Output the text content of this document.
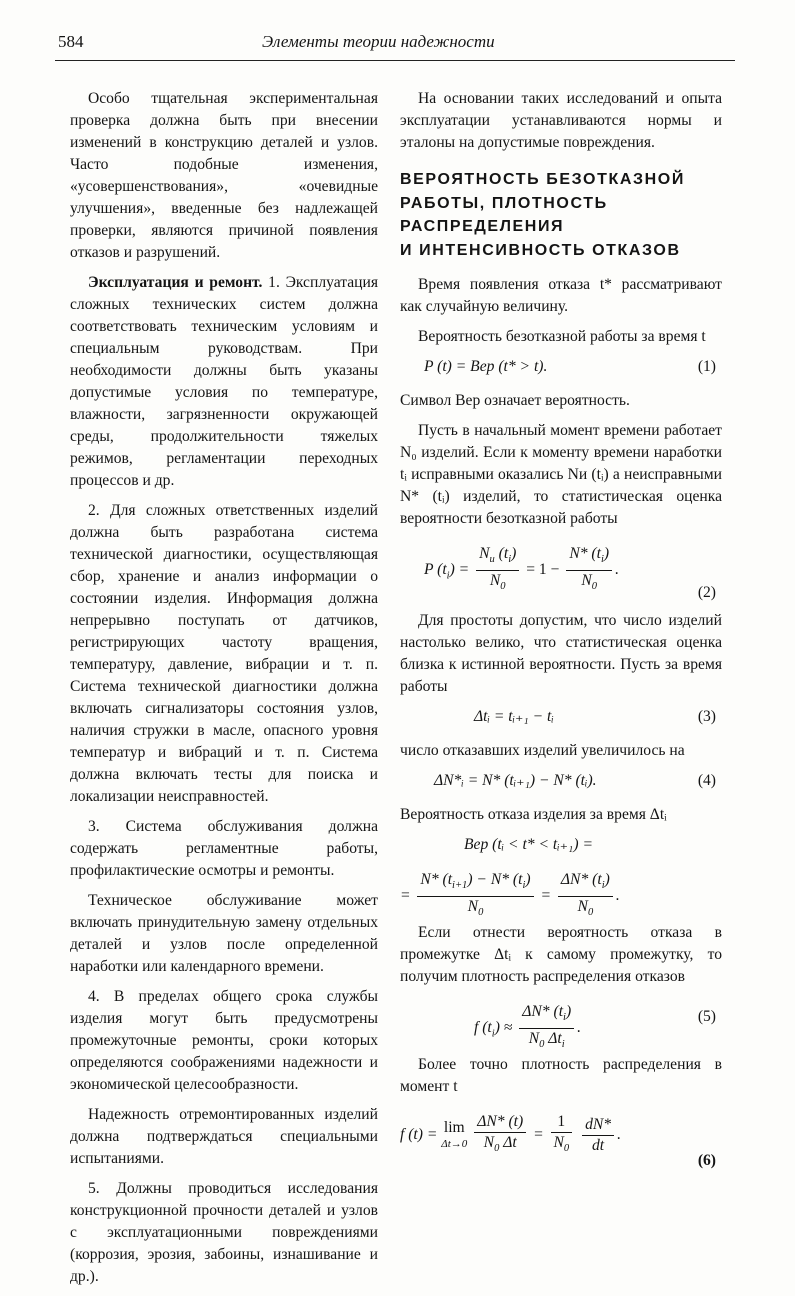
584	Элементы теории надежности

Особо тщательная экспериментальная проверка должна быть при внесении изменений в конструкцию деталей и узлов. Часто подобные изменения, «усовершенствования», «очевидные улучшения», введенные без надлежащей проверки, являются причиной появления отказов и разрушений.

Эксплуатация и ремонт. 1. Эксплуатация сложных технических систем должна соответствовать техническим условиям и специальным руководствам. При необходимости должны быть указаны допустимые условия по температуре, влажности, загрязненности окружающей среды, продолжительности тяжелых режимов, регламентации переходных процессов и др.

2. Для сложных ответственных изделий должна быть разработана система технической диагностики, осуществляющая сбор, хранение и анализ информации о состоянии изделия. Информация должна непрерывно поступать от датчиков, регистрирующих частоту вращения, температуру, давление, вибрации и т. п. Система технической диагностики должна включать сигнализаторы состояния узлов, наличия стружки в масле, опасного уровня температур и вибраций и т. п. Система должна включать тесты для поиска и локализации неисправностей.

3. Система обслуживания должна содержать регламентные работы, профилактические осмотры и ремонты.

Техническое обслуживание может включать принудительную замену отдельных деталей и узлов после определенной наработки или календарного времени.

4. В пределах общего срока службы изделия могут быть предусмотрены промежуточные ремонты, сроки которых определяются соображениями надежности и экономической целесообразности.

Надежность отремонтированных изделий должна подтверждаться специальными испытаниями.

5. Должны проводиться исследования конструкционной прочности деталей и узлов с эксплуатационными повреждениями (коррозия, эрозия, забоины, изнашивание и др.).

На основании таких исследований и опыта эксплуатации устанавливаются нормы и эталоны на допустимые повреждения.

ВЕРОЯТНОСТЬ БЕЗОТКАЗНОЙ
РАБОТЫ, ПЛОТНОСТЬ
РАСПРЕДЕЛЕНИЯ
И ИНТЕНСИВНОСТЬ ОТКАЗОВ

Время появления отказа t* рассматривают как случайную величину.

Вероятность безотказной работы за время t

P (t) = Вер (t* > t).	(1)

Символ Вер означает вероятность.

Пусть в начальный момент времени работает N₀ изделий. Если к моменту времени наработки tᵢ исправными оказались Nи (tᵢ) а неисправными N* (tᵢ) изделий, то статистическая оценка вероятности безотказной работы

P $(t_i) = \frac{N_и (t_i)}{N_0} = 1 - \frac{N* (t_i)}{N_0}$ .
(2)

Для простоты допустим, что число изделий настолько велико, что статистическая оценка близка к истинной вероятности. Пусть за время работы

Δtᵢ = tᵢ₊₁ − tᵢ	(3)

число отказавших изделий увеличилось на

ΔN*ᵢ = N* (tᵢ₊₁) − N* (tᵢ).	(4)

Вероятность отказа изделия за время Δtᵢ

Вер (tᵢ < t* < tᵢ₊₁) =
= $\frac{N* (t_{i+1}) - N* (t_i)}{N_0} = \frac{\Delta N* (t_i)}{N_0}$ .

Если отнести вероятность отказа в промежутке Δtᵢ к самому промежутку, то получим плотность распределения отказов

f $(t_i) \approx \frac{\Delta N* (t_i)}{N_0 \Delta t_i}$ .
(5)

Более точно плотность распределения в момент t

f (t) = lim
Δt→0
$\frac{\Delta N* (t)}{N_0 \Delta t} = \frac{1}{N_0}$
$\frac{dN*}{dt}$ .
(6)
